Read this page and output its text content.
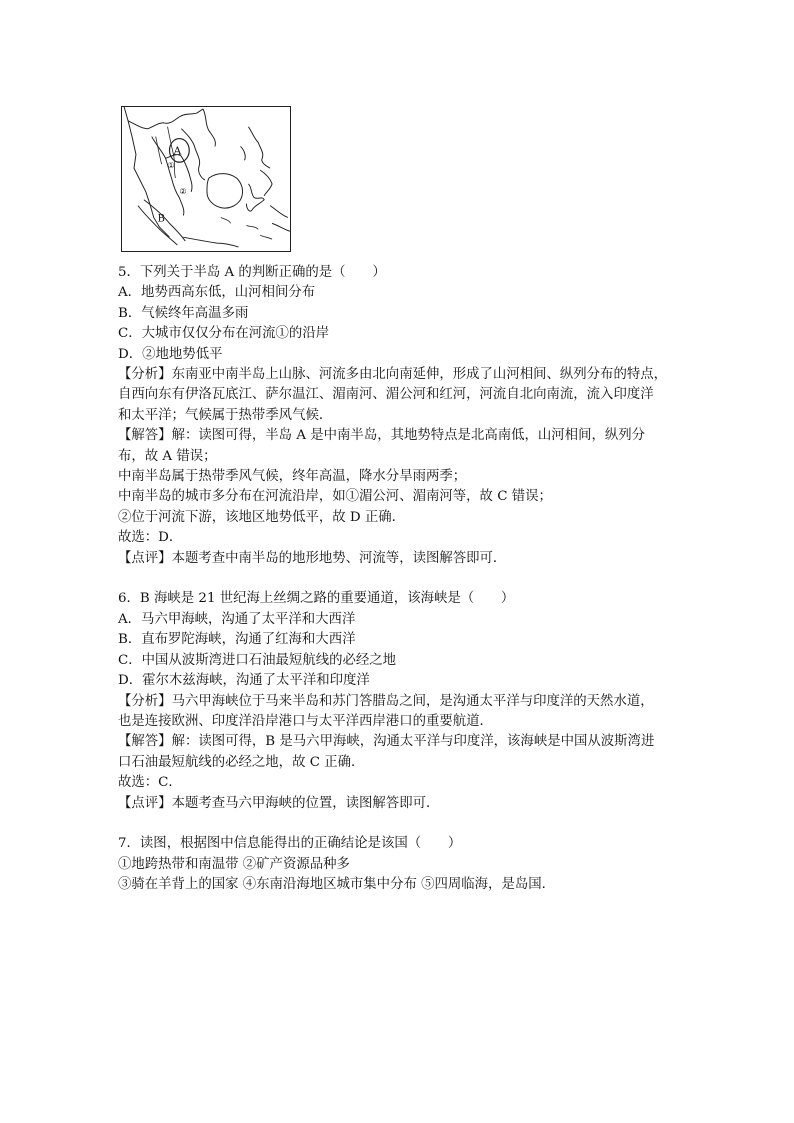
A
B
①
②
5．下列关于半岛 A 的判断正确的是（　　）
A．地势西高东低，山河相间分布
B．气候终年高温多雨
C．大城市仅仅分布在河流①的沿岸
D．②地地势低平
【分析】东南亚中南半岛上山脉、河流多由北向南延伸，形成了山河相间、纵列分布的特点，
自西向东有伊洛瓦底江、萨尔温江、湄南河、湄公河和红河，河流自北向南流，流入印度洋
和太平洋；气候属于热带季风气候．
【解答】解：读图可得，半岛 A 是中南半岛，其地势特点是北高南低，山河相间，纵列分
布，故 A 错误；
中南半岛属于热带季风气候，终年高温，降水分旱雨两季；
中南半岛的城市多分布在河流沿岸，如①湄公河、湄南河等，故 C 错误；
②位于河流下游，该地区地势低平，故 D 正确．
故选：D．
【点评】本题考查中南半岛的地形地势、河流等，读图解答即可．
6．B 海峡是 21 世纪海上丝绸之路的重要通道，该海峡是（　　）
A．马六甲海峡，沟通了太平洋和大西洋
B．直布罗陀海峡，沟通了红海和大西洋
C．中国从波斯湾进口石油最短航线的必经之地
D．霍尔木兹海峡，沟通了太平洋和印度洋
【分析】马六甲海峡位于马来半岛和苏门答腊岛之间，是沟通太平洋与印度洋的天然水道，
也是连接欧洲、印度洋沿岸港口与太平洋西岸港口的重要航道．
【解答】解：读图可得，B 是马六甲海峡，沟通太平洋与印度洋，该海峡是中国从波斯湾进
口石油最短航线的必经之地，故 C 正确．
故选：C．
【点评】本题考查马六甲海峡的位置，读图解答即可．
7．读图，根据图中信息能得出的正确结论是该国（　　）
①地跨热带和南温带 ②矿产资源品种多
③骑在羊背上的国家 ④东南沿海地区城市集中分布 ⑤四周临海，是岛国．
